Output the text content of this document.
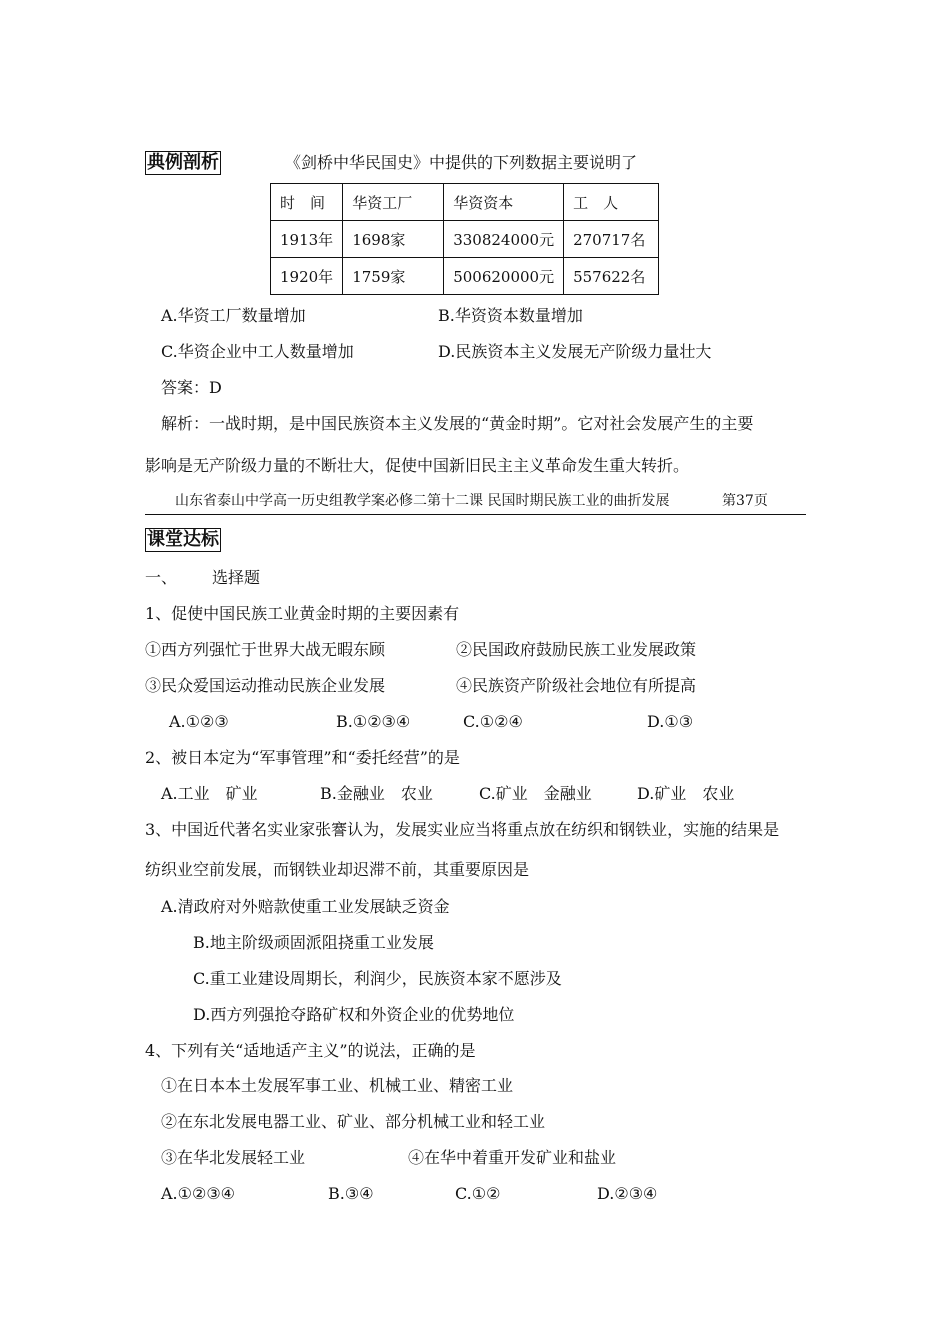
典例剖析	《剑桥中华民国史》中提供的下列数据主要说明了
时　间	华资工厂	华资资本	工　人
1913年	1698家	330824000元	270717名
1920年	1759家	500620000元	557622名
A.华资工厂数量增加	B.华资资本数量增加
C.华资企业中工人数量增加	D.民族资本主义发展无产阶级力量壮大
答案：D
解析：一战时期，是中国民族资本主义发展的“黄金时期”。它对社会发展产生的主要
影响是无产阶级力量的不断壮大，促使中国新旧民主主义革命发生重大转折。
山东省泰山中学高一历史组教学案必修二第十二课 民国时期民族工业的曲折发展	第37页
课堂达标
一、 选择题
1、促使中国民族工业黄金时期的主要因素有
①西方列强忙于世界大战无暇东顾	②民国政府鼓励民族工业发展政策
③民众爱国运动推动民族企业发展	④民族资产阶级社会地位有所提高
A.①②③	B.①②③④	C.①②④	D.①③
2、被日本定为“军事管理”和“委托经营”的是
A.工业　矿业	B.金融业　农业	C.矿业　金融业	D.矿业　农业
3、中国近代著名实业家张謇认为，发展实业应当将重点放在纺织和钢铁业，实施的结果是
纺织业空前发展，而钢铁业却迟滞不前，其重要原因是
A.清政府对外赔款使重工业发展缺乏资金
B.地主阶级顽固派阻挠重工业发展
C.重工业建设周期长，利润少，民族资本家不愿涉及
D.西方列强抢夺路矿权和外资企业的优势地位
4、下列有关“适地适产主义”的说法，正确的是
①在日本本土发展军事工业、机械工业、精密工业
②在东北发展电器工业、矿业、部分机械工业和轻工业
③在华北发展轻工业	④在华中着重开发矿业和盐业
A.①②③④	B.③④	C.①②	D.②③④
